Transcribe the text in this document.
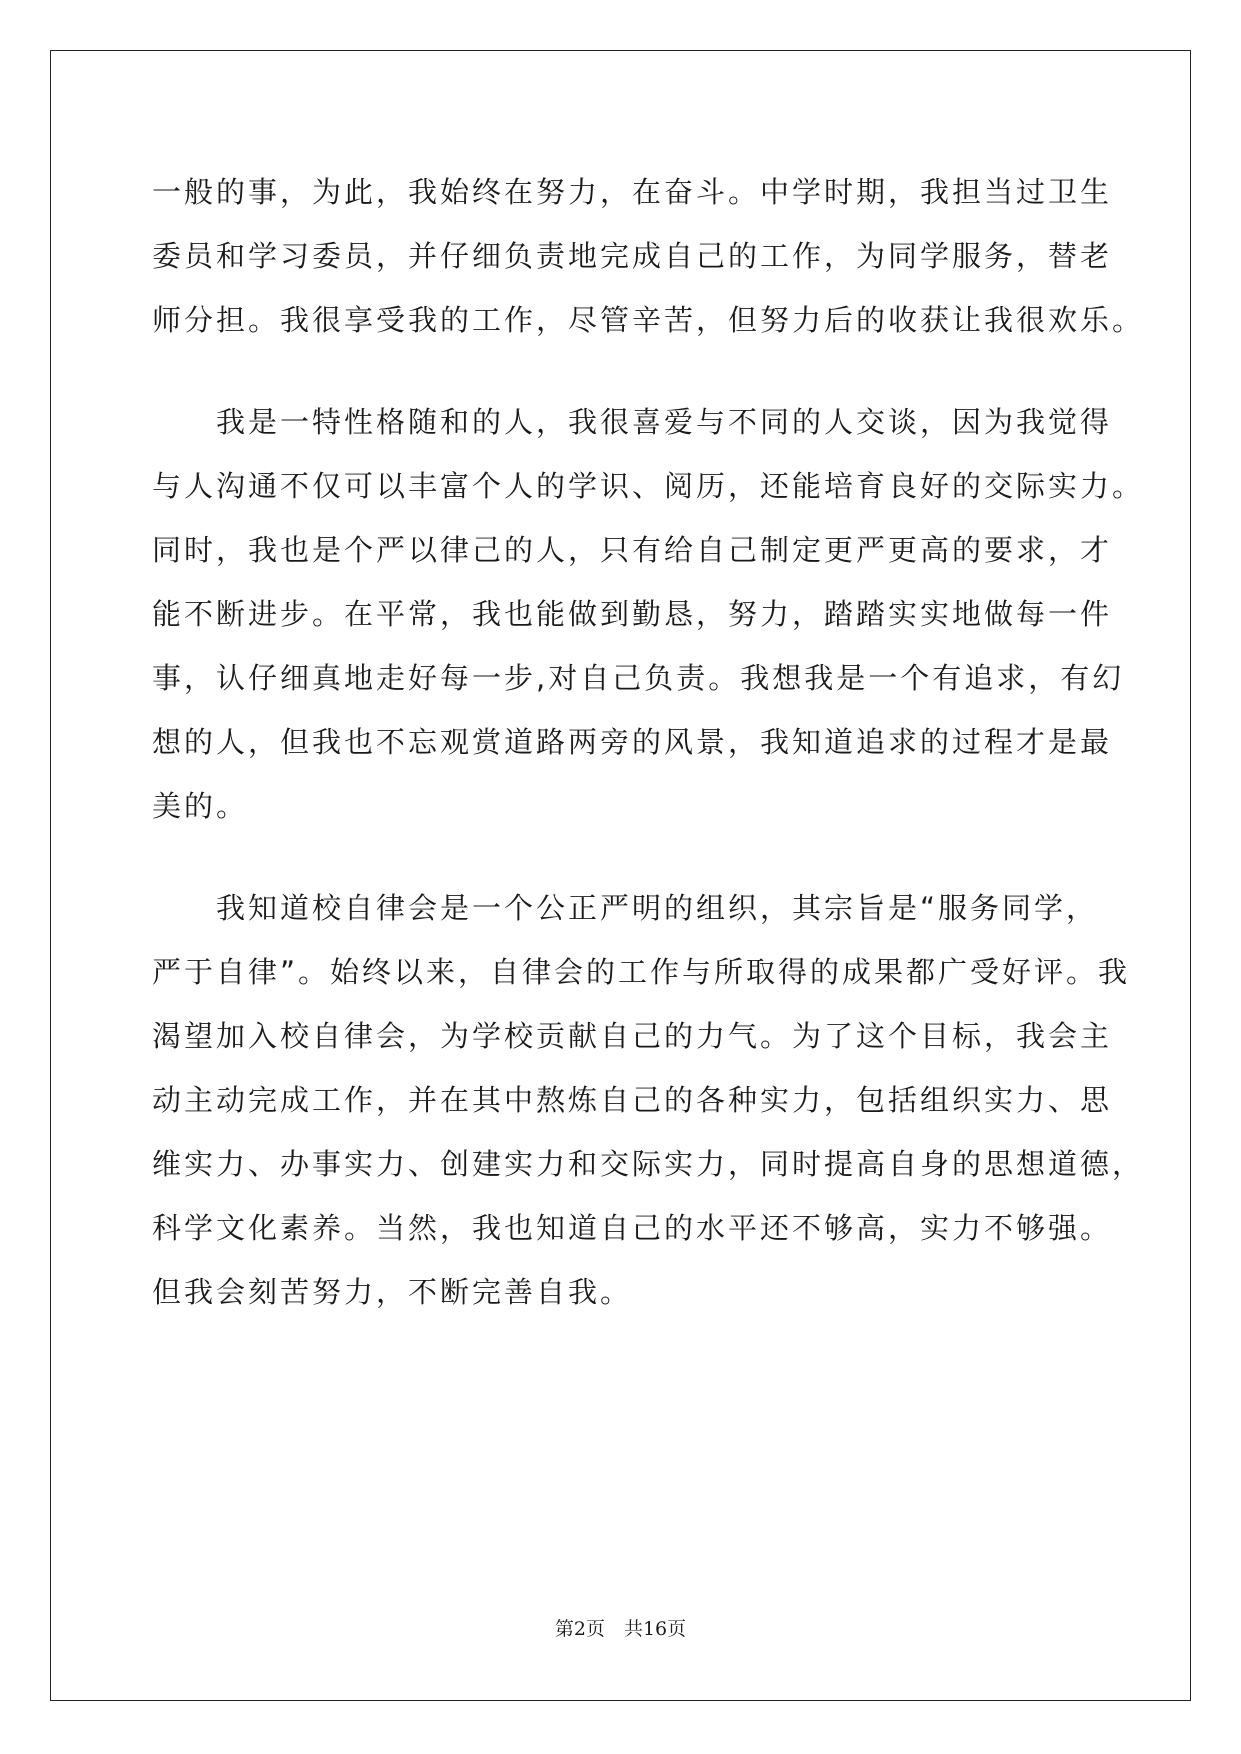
一般的事，为此，我始终在努力，在奋斗。中学时期，我担当过卫生
委员和学习委员，并仔细负责地完成自己的工作，为同学服务，替老
师分担。我很享受我的工作，尽管辛苦，但努力后的收获让我很欢乐。
　　我是一特性格随和的人，我很喜爱与不同的人交谈，因为我觉得
与人沟通不仅可以丰富个人的学识、阅历，还能培育良好的交际实力。
同时，我也是个严以律己的人，只有给自己制定更严更高的要求，才
能不断进步。在平常，我也能做到勤恳，努力，踏踏实实地做每一件
事，认仔细真地走好每一步,对自己负责。我想我是一个有追求，有幻
想的人，但我也不忘观赏道路两旁的风景，我知道追求的过程才是最
美的。
　　我知道校自律会是一个公正严明的组织，其宗旨是“服务同学，
严于自律”。始终以来，自律会的工作与所取得的成果都广受好评。我
渴望加入校自律会，为学校贡献自己的力气。为了这个目标，我会主
动主动完成工作，并在其中熬炼自己的各种实力，包括组织实力、思
维实力、办事实力、创建实力和交际实力，同时提高自身的思想道德，
科学文化素养。当然，我也知道自己的水平还不够高，实力不够强。
但我会刻苦努力，不断完善自我。
第2页　共16页
